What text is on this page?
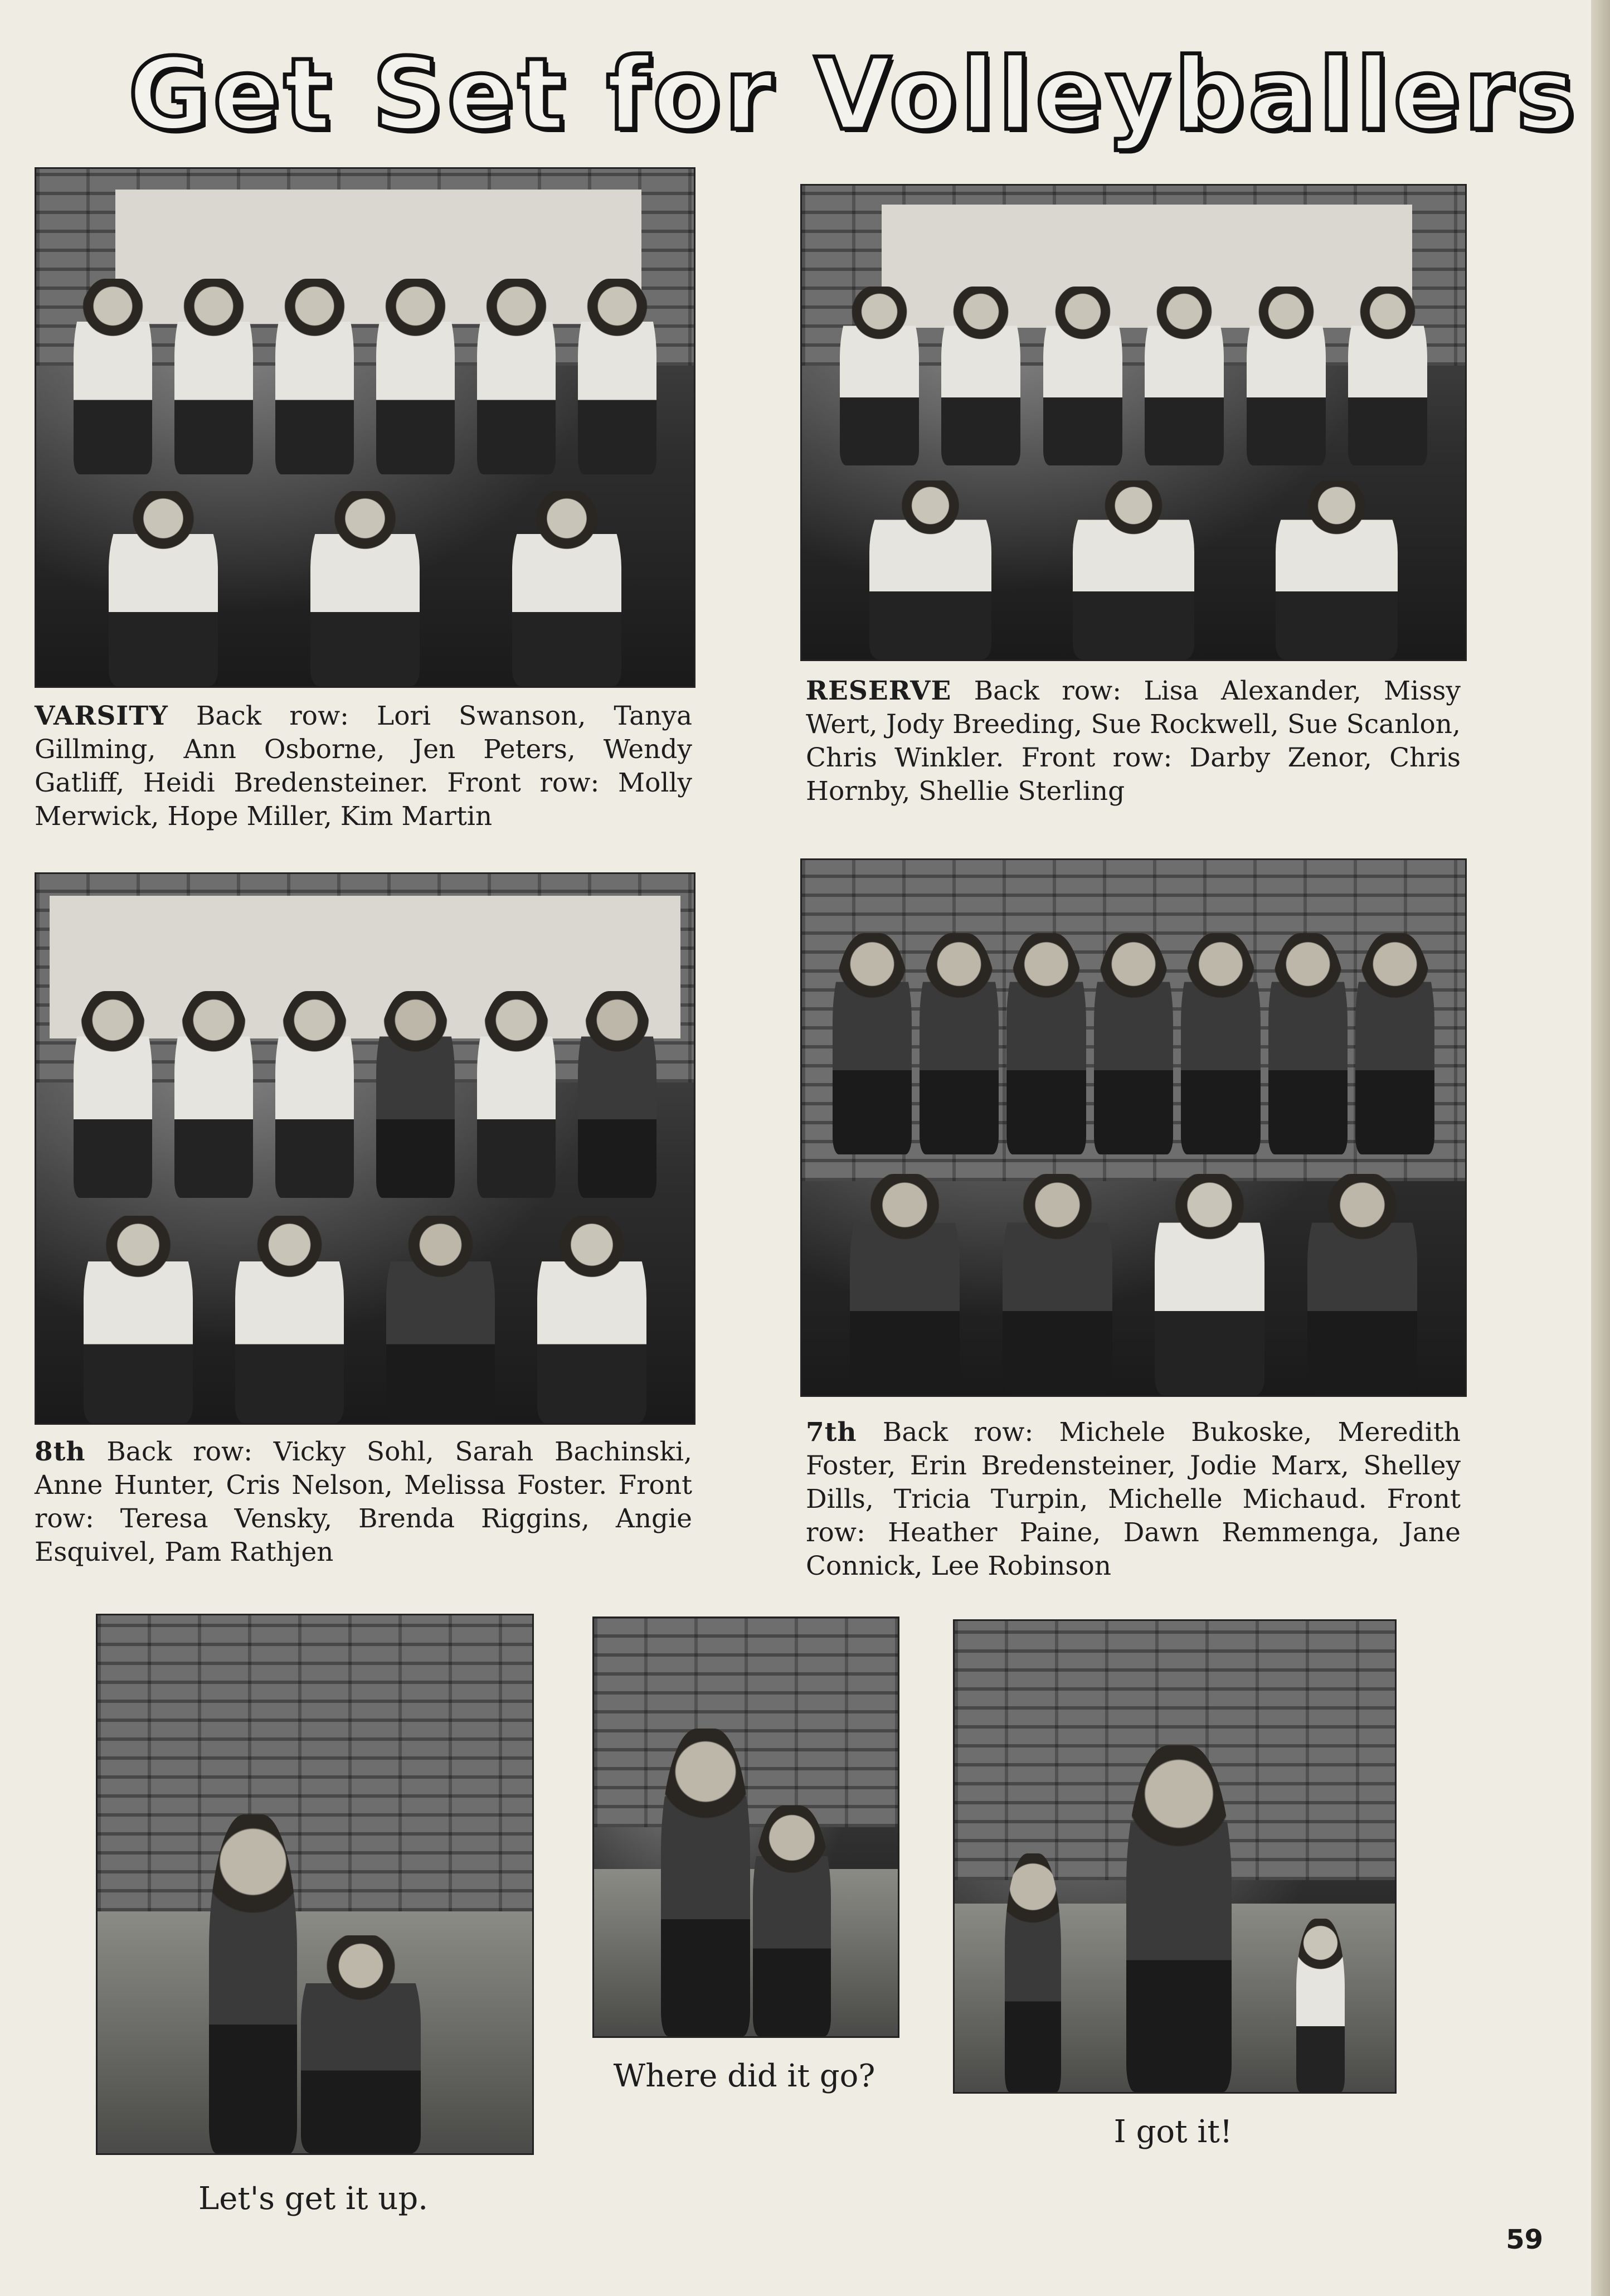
Get Set for Volleyballers
VARSITY Back row: Lori Swanson, Tanya Gillming, Ann Osborne, Jen Peters, Wendy Gatliff, Heidi Bredensteiner. Front row: Molly Merwick, Hope Miller, Kim Martin
RESERVE Back row: Lisa Alexander, Missy Wert, Jody Breeding, Sue Rockwell, Sue Scanlon, Chris Winkler. Front row: Darby Zenor, Chris Hornby, Shellie Sterling
8th Back row: Vicky Sohl, Sarah Bachinski, Anne Hunter, Cris Nelson, Melissa Foster. Front row: Teresa Vensky, Brenda Riggins, Angie Esquivel, Pam Rathjen
7th Back row: Michele Bukoske, Meredith Foster, Erin Bredensteiner, Jodie Marx, Shelley Dills, Tricia Turpin, Michelle Michaud. Front row: Heather Paine, Dawn Remmenga, Jane Connick, Lee Robinson
Let's get it up.
Where did it go?
I got it!
59
